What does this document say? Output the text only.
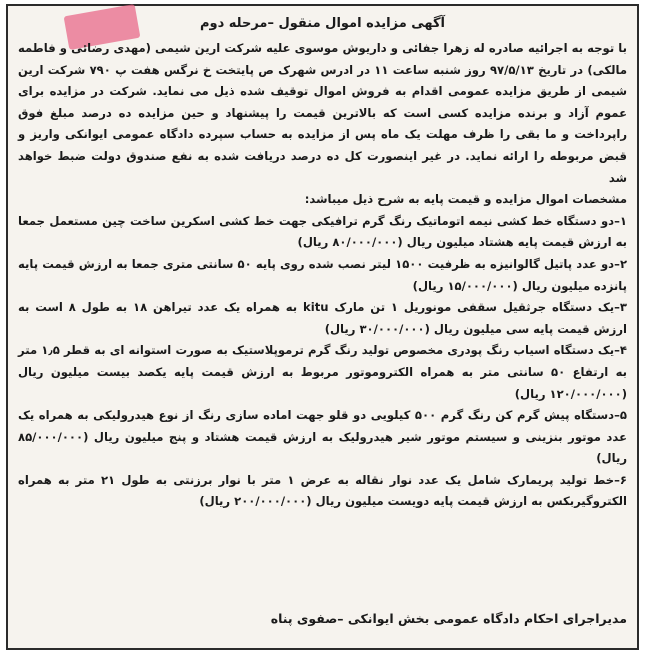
آگهی مزایده اموال منقول –مرحله دوم

با توجه به اجرائیه صادره له زهرا جفائی و داریوش موسوی علیه شرکت ارین شیمی (مهدی رضائی و فاطمه مالکی) در تاریخ ۹۷/۵/۱۳ روز شنبه ساعت ۱۱ در ادرس شهرک ص پایتخت خ نرگس هفت پ ۷۹۰ شرکت ارین شیمی از طریق مزایده عمومی اقدام به فروش اموال توقیف شده ذیل می نماید. شرکت در مزایده برای عموم آزاد و برنده مزایده کسی است که بالاترین قیمت را پیشنهاد و حین مزایده ده درصد مبلغ فوق راپرداخت و ما بقی را ظرف مهلت یک ماه پس از مزایده به حساب سپرده دادگاه عمومی ایوانکی واریز و قبض مربوطه را ارائه نماید. در غیر اینصورت کل ده درصد دریافت شده به نفع صندوق دولت ضبط خواهد شد

مشخصات اموال مزایده و قیمت پایه به شرح ذیل میباشد:

۱–دو دستگاه خط کشی نیمه اتوماتیک رنگ گرم ترافیکی جهت خط کشی اسکرین ساخت چین مستعمل جمعا به ارزش قیمت پایه هشتاد میلیون ریال (۸۰/۰۰۰/۰۰۰ ریال)

۲–دو عدد پاتیل گالوانیزه به ظرفیت ۱۵۰۰ لیتر نصب شده روی پایه ۵۰ سانتی متری جمعا به ارزش قیمت پایه پانزده میلیون ریال (۱۵/۰۰۰/۰۰۰ ریال)

۳–یک دستگاه جرثقیل سقفی مونوریل ۱ تن مارک kitu به همراه یک عدد تیراهن ۱۸ به طول ۸ است به ارزش قیمت پایه سی میلیون ریال (۳۰/۰۰۰/۰۰۰ ریال)

۴–یک دستگاه اسیاب رنگ پودری مخصوص تولید رنگ گرم ترموپلاستیک به صورت استوانه ای به قطر ۱٫۵ متر به ارتفاع ۵۰ سانتی متر به همراه الکتروموتور مربوط به ارزش قیمت پایه یکصد بیست میلیون ریال (۱۲۰/۰۰۰/۰۰۰ ریال)

۵–دستگاه پیش گرم کن رنگ گرم ۵۰۰ کیلویی دو قلو جهت اماده سازی رنگ از نوع هیدرولیکی به همراه یک عدد موتور بنزینی و سیستم موتور شیر هیدرولیک به ارزش قیمت هشتاد و پنج میلیون ریال (۸۵/۰۰۰/۰۰۰ ریال)

۶–خط تولید پریمارک شامل یک عدد نوار نقاله به عرض ۱ متر با نوار برزنتی به طول ۲۱ متر به همراه الکتروگیربکس به ارزش قیمت پایه دویست میلیون ریال (۲۰۰/۰۰۰/۰۰۰ ریال)

مدیراجرای احکام دادگاه عمومی بخش ایوانکی –صفوی پناه
